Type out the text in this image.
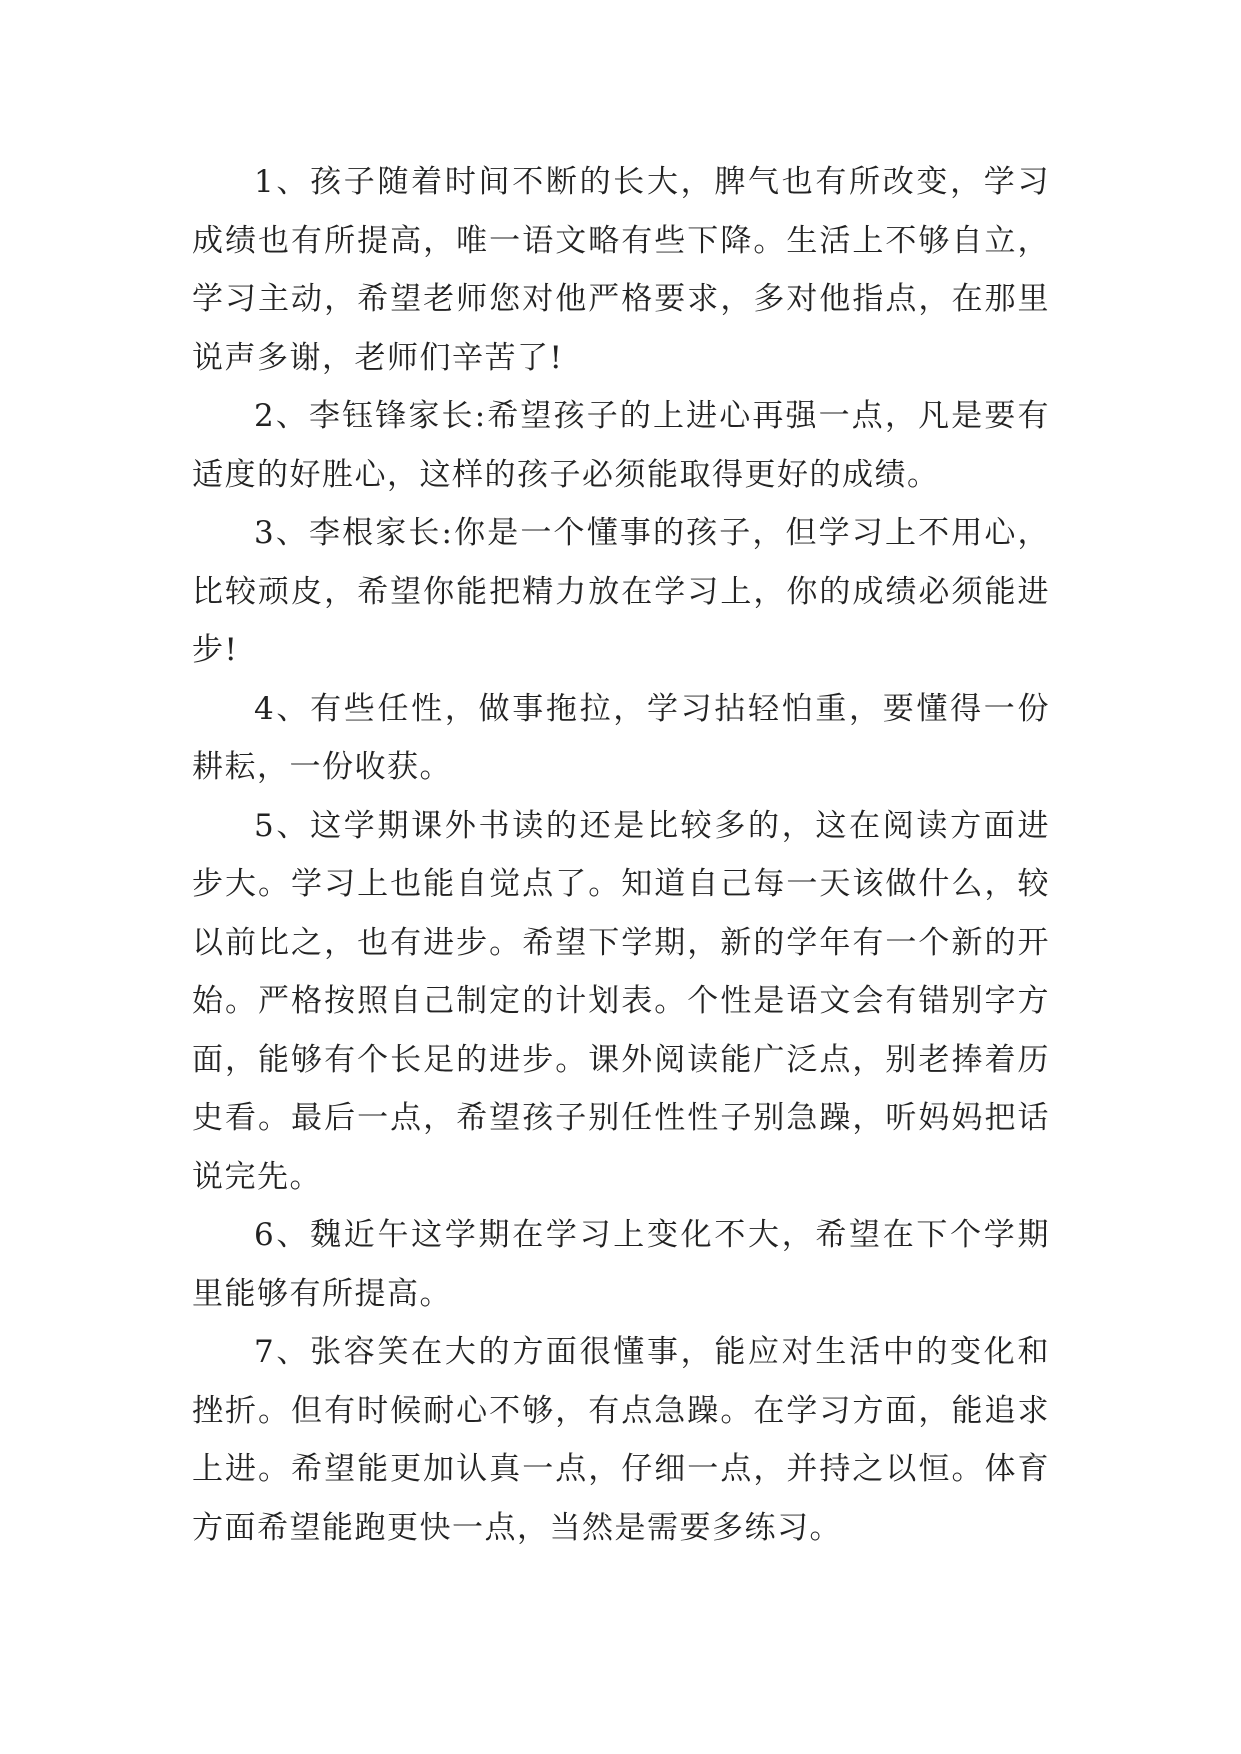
1、孩子随着时间不断的长大，脾气也有所改变，学习成绩也有所提高，唯一语文略有些下降。生活上不够自立，学习主动，希望老师您对他严格要求，多对他指点，在那里说声多谢，老师们辛苦了!

2、李钰锋家长:希望孩子的上进心再强一点，凡是要有适度的好胜心，这样的孩子必须能取得更好的成绩。

3、李根家长:你是一个懂事的孩子，但学习上不用心，比较顽皮，希望你能把精力放在学习上，你的成绩必须能进步!

4、有些任性，做事拖拉，学习拈轻怕重，要懂得一份耕耘，一份收获。

5、这学期课外书读的还是比较多的，这在阅读方面进步大。学习上也能自觉点了。知道自己每一天该做什么，较以前比之，也有进步。希望下学期，新的学年有一个新的开始。严格按照自己制定的计划表。个性是语文会有错别字方面，能够有个长足的进步。课外阅读能广泛点，别老捧着历史看。最后一点，希望孩子别任性性子别急躁，听妈妈把话说完先。

6、魏近午这学期在学习上变化不大，希望在下个学期里能够有所提高。

7、张容笑在大的方面很懂事，能应对生活中的变化和挫折。但有时候耐心不够，有点急躁。在学习方面，能追求上进。希望能更加认真一点，仔细一点，并持之以恒。体育方面希望能跑更快一点，当然是需要多练习。
